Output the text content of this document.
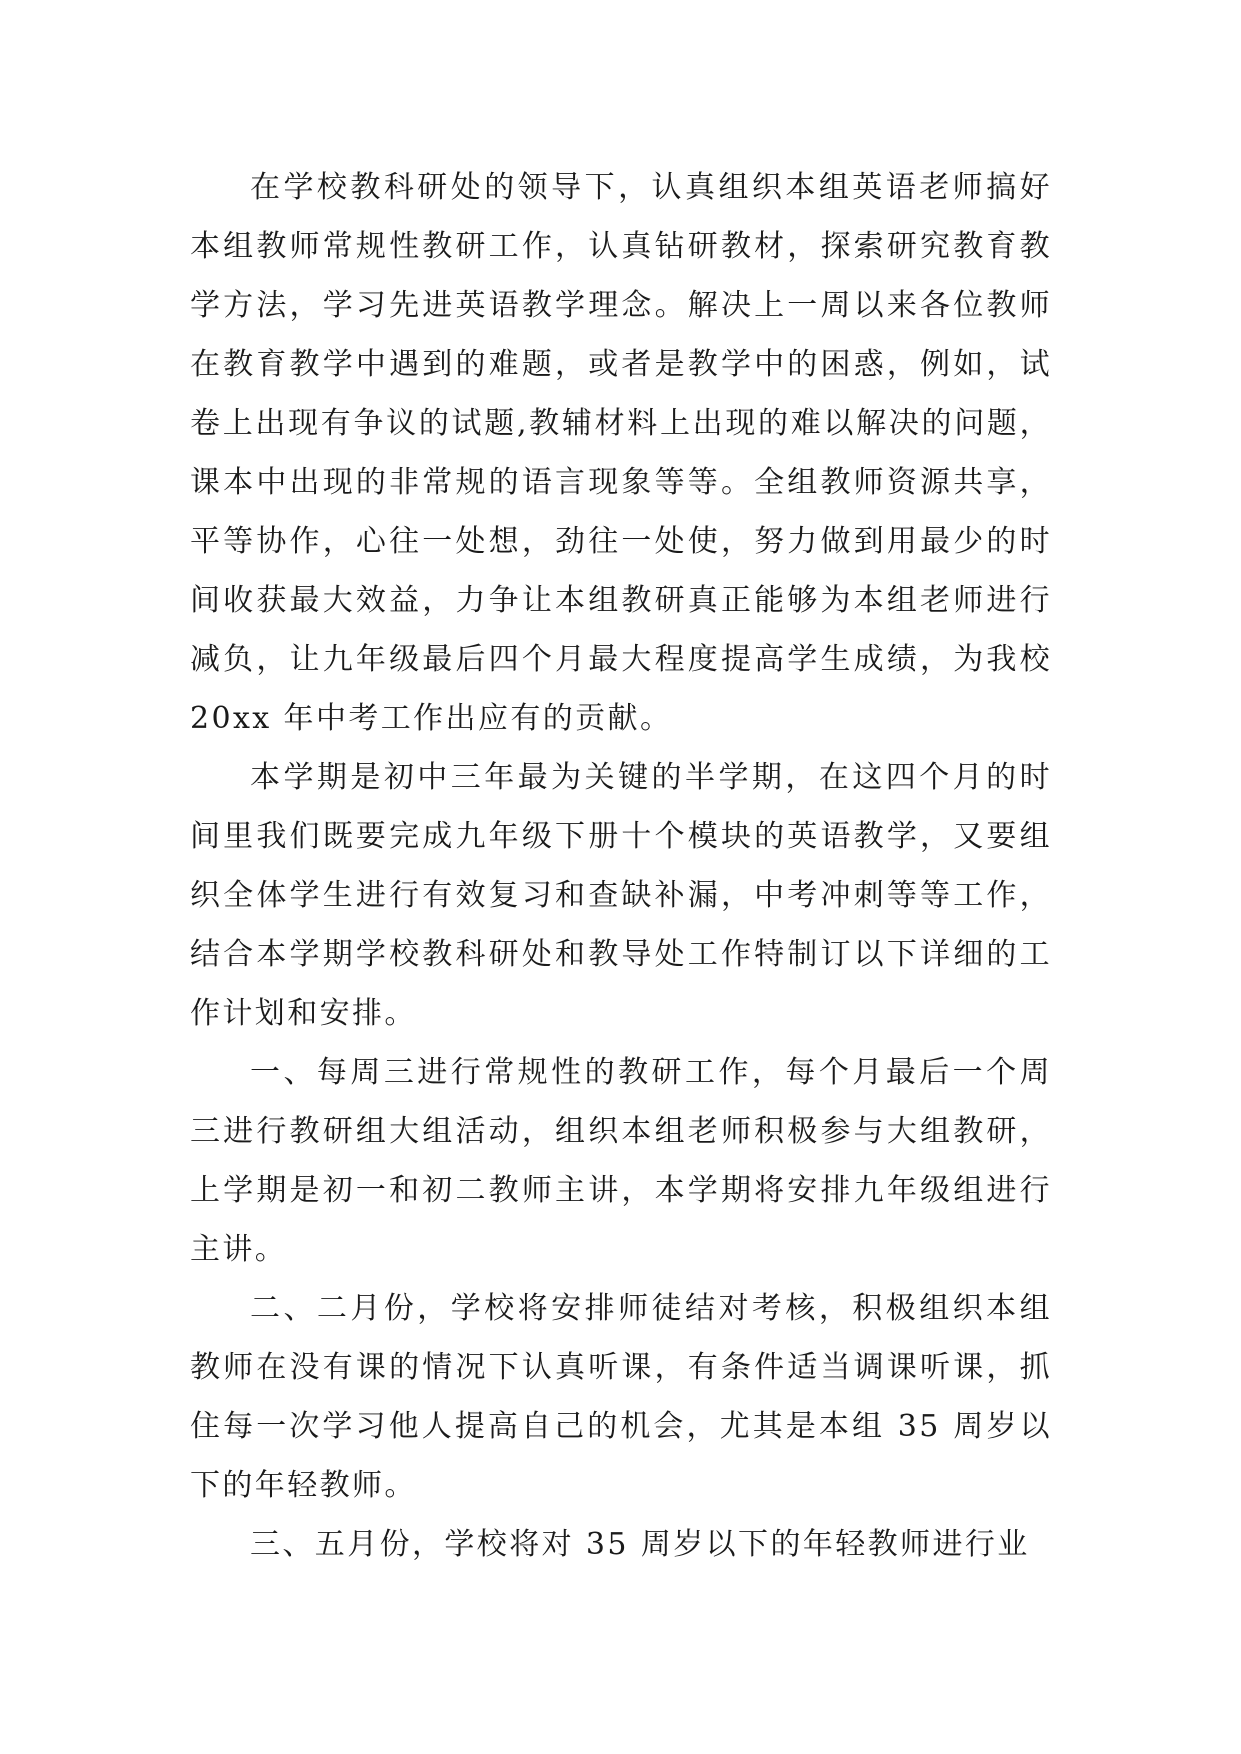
在学校教科研处的领导下，认真组织本组英语老师搞好本组教师常规性教研工作，认真钻研教材，探索研究教育教学方法，学习先进英语教学理念。解决上一周以来各位教师在教育教学中遇到的难题，或者是教学中的困惑，例如，试卷上出现有争议的试题,教辅材料上出现的难以解决的问题，课本中出现的非常规的语言现象等等。全组教师资源共享，平等协作，心往一处想，劲往一处使，努力做到用最少的时间收获最大效益，力争让本组教研真正能够为本组老师进行减负，让九年级最后四个月最大程度提高学生成绩，为我校20xx 年中考工作出应有的贡献。

本学期是初中三年最为关键的半学期，在这四个月的时间里我们既要完成九年级下册十个模块的英语教学，又要组织全体学生进行有效复习和查缺补漏，中考冲刺等等工作，结合本学期学校教科研处和教导处工作特制订以下详细的工作计划和安排。

一、每周三进行常规性的教研工作，每个月最后一个周三进行教研组大组活动，组织本组老师积极参与大组教研，上学期是初一和初二教师主讲，本学期将安排九年级组进行主讲。

二、二月份，学校将安排师徒结对考核，积极组织本组教师在没有课的情况下认真听课，有条件适当调课听课，抓住每一次学习他人提高自己的机会，尤其是本组 35 周岁以下的年轻教师。

三、五月份，学校将对 35 周岁以下的年轻教师进行业
